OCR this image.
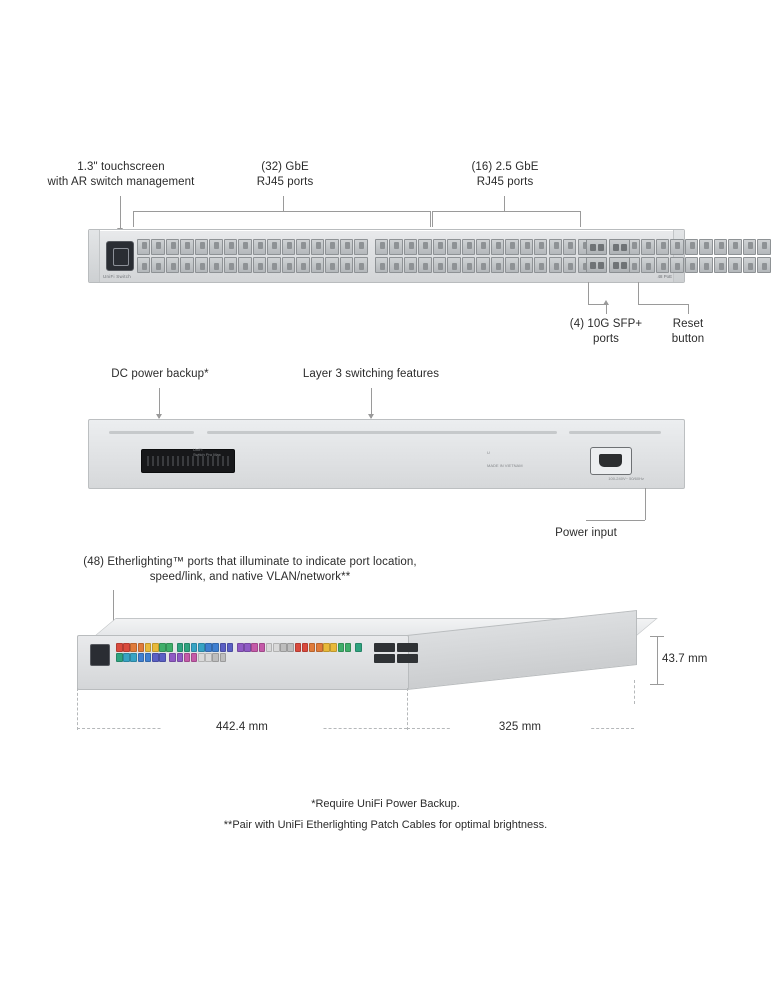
1.3" touchscreen
with AR switch management
(32) GbE
RJ45 ports
(16) 2.5 GbE
RJ45 ports
UniFi Switch	48 PoE
(4) 10G SFP+
ports
Reset
button
DC power backup*	Layer 3 switching features
UniFi
Switch Pro Max	U

MADE IN VIETNAM
100-240V~ 50/60Hz
Power input
(48) Etherlighting™ ports that illuminate to indicate port location,
speed/link, and native VLAN/network**
442.4 mm	325 mm
43.7 mm
*Require UniFi Power Backup.
**Pair with UniFi Etherlighting Patch Cables for optimal brightness.
